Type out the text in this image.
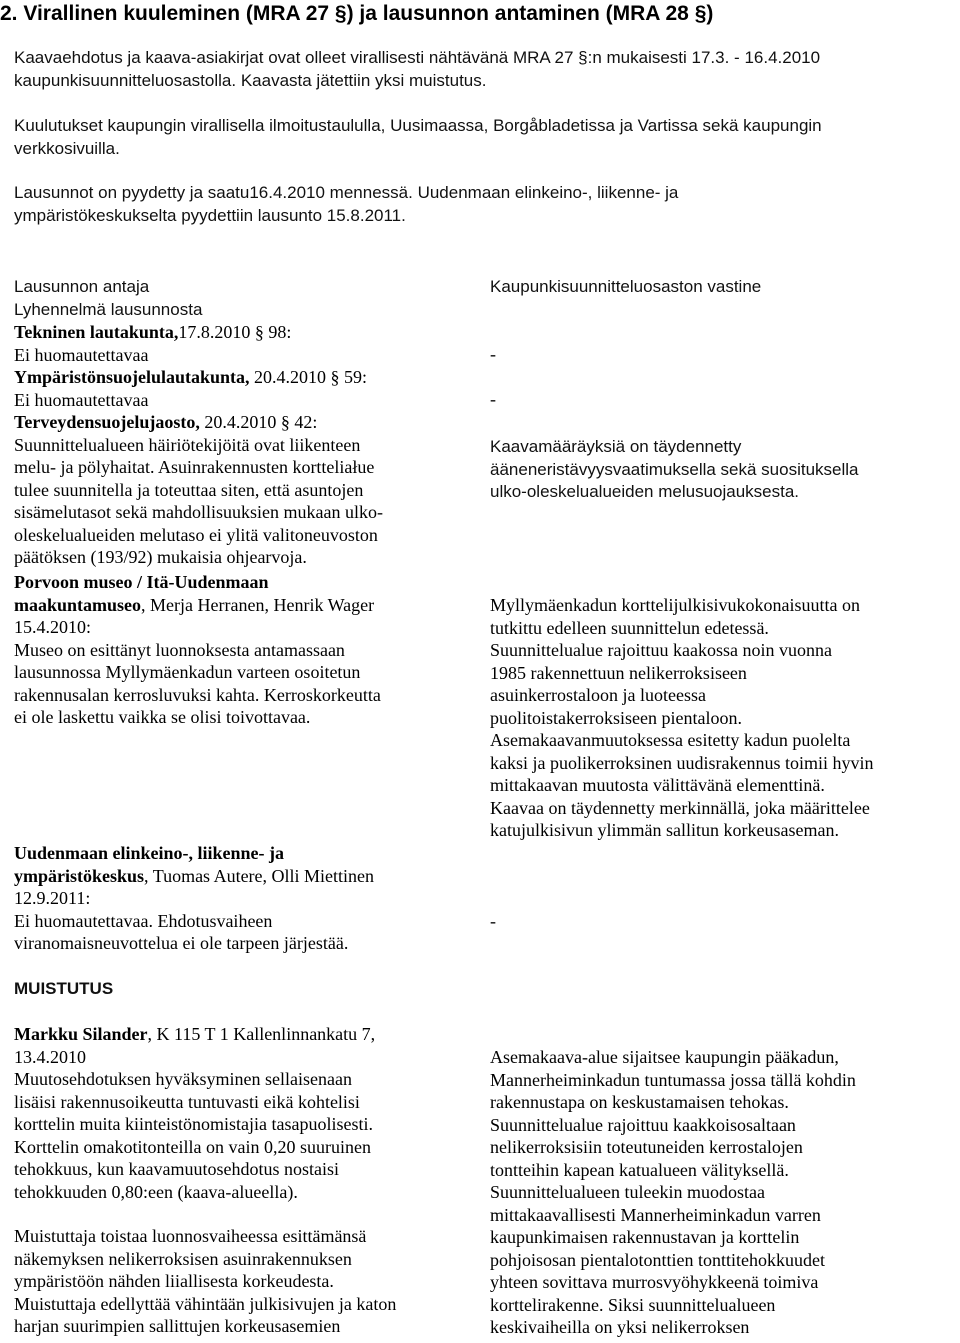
2. Virallinen kuuleminen (MRA 27 §) ja lausunnon antaminen (MRA 28 §)
Kaavaehdotus ja kaava-asiakirjat ovat olleet virallisesti nähtävänä MRA 27 §:n mukaisesti 17.3. - 16.4.2010
kaupunkisuunnitteluosastolla. Kaavasta jätettiin yksi muistutus.
Kuulutukset kaupungin virallisella ilmoitustaululla, Uusimaassa, Borgåbladetissa ja Vartissa sekä kaupungin
verkkosivuilla.
Lausunnot on pyydetty ja saatu16.4.2010 mennessä. Uudenmaan elinkeino-, liikenne- ja
ympäristökeskukselta pyydettiin lausunto 15.8.2011.
Lausunnon antaja
Lyhennelmä lausunnosta
Kaupunkisuunnitteluosaston vastine
Tekninen lautakunta,17.8.2010 § 98:
Ei huomautettavaa	-
Ympäristönsuojelulautakunta, 20.4.2010 § 59:
Ei huomautettavaa	-
Terveydensuojelujaosto, 20.4.2010 § 42:
Suunnittelualueen häiriötekijöitä ovat liikenteen
melu- ja pölyhaitat. Asuinrakennusten kortteliałue
tulee suunnitella ja toteuttaa siten, että asuntojen
sisämelutasot sekä mahdollisuuksien mukaan ulko-
oleskelualueiden melutaso ei ylitä valitoneuvoston
päätöksen (193/92) mukaisia ohjearvoja.
Kaavamääräyksiä on täydennetty
ääneneristävyysvaatimuksella sekä suosituksella
ulko-oleskelualueiden melusuojauksesta.
Porvoon museo / Itä-Uudenmaan
maakuntamuseo, Merja Herranen, Henrik Wager
15.4.2010:
Museo on esittänyt luonnoksesta antamassaan
lausunnossa Myllymäenkadun varteen osoitetun
rakennusalan kerrosluvuksi kahta. Kerroskorkeutta
ei ole laskettu vaikka se olisi toivottavaa.
Myllymäenkadun korttelijulkisivukokonaisuutta on
tutkittu edelleen suunnittelun edetessä.
Suunnittelualue rajoittuu kaakossa noin vuonna
1985 rakennettuun nelikerroksiseen
asuinkerrostaloon ja luoteessa
puolitoistakerroksiseen pientaloon.
Asemakaavanmuutoksessa esitetty kadun puolelta
kaksi ja puolikerroksinen uudisrakennus toimii hyvin
mittakaavan muutosta välittävänä elementtinä.
Kaavaa on täydennetty merkinnällä, joka määrittelee
katujulkisivun ylimmän sallitun korkeusaseman.
Uudenmaan elinkeino-, liikenne- ja
ympäristökeskus, Tuomas Autere, Olli Miettinen
12.9.2011:
Ei huomautettavaa. Ehdotusvaiheen
viranomaisneuvottelua ei ole tarpeen järjestää.
-
MUISTUTUS
Markku Silander, K 115 T 1 Kallenlinnankatu 7,
13.4.2010
Muutosehdotuksen hyväksyminen sellaisenaan
lisäisi rakennusoikeutta tuntuvasti eikä kohtelisi
korttelin muita kiinteistönomistajia tasapuolisesti.
Korttelin omakotitonteilla on vain 0,20 suuruinen
tehokkuus, kun kaavamuutosehdotus nostaisi
tehokkuuden 0,80:een (kaava-alueella).
Muistuttaja toistaa luonnosvaiheessa esittämänsä
näkemyksen nelikerroksisen asuinrakennuksen
ympäristöön nähden liiallisesta korkeudesta.
Muistuttaja edellyttää vähintään julkisivujen ja katon
harjan suurimpien sallittujen korkeusasemien
Asemakaava-alue sijaitsee kaupungin pääkadun,
Mannerheiminkadun tuntumassa jossa tällä kohdin
rakennustapa on keskustamaisen tehokas.
Suunnittelualue rajoittuu kaakkoisosaltaan
nelikerroksisiin toteutuneiden kerrostalojen
tontteihin kapean katualueen välityksellä.
Suunnittelualueen tuleekin muodostaa
mittakaavallisesti Mannerheiminkadun varren
kaupunkimaisen rakennustavan ja korttelin
pohjoisosan pientalotonttien tonttitehokkuudet
yhteen sovittava murrosvyöhykkeenä toimiva
korttelirakenne. Siksi suunnittelualueen
keskivaiheilla on yksi nelikerroksen
